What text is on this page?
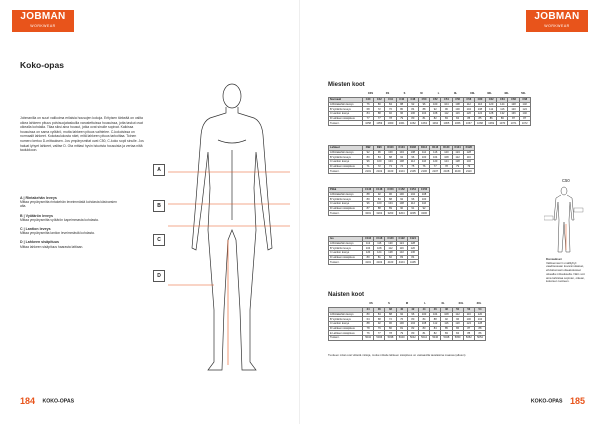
JOBMAN
WORKWEAR
Koko-opas
Jobmanilla on suuri valikoima erilaisia housujen kokoja. Erityisen tärkeää on valita oikea lahkeen pituus polvisuojataskuilla varustettuissa housuissa, jotta taskut ovat oikealla kohdalla. Tilaa siksi aina housut, jotka ovat sinulle sopivat. Kaikissa housuissa on sama vyötärö, mutta lahkeen pituus vaihtelee. C-kokoisissa on normaalit lahkeet. Kokotaulukosta näet, mitä lahkeen pituus tarkoittaa. Toinen numero kertoo D-mittauksen. Jos ympärysmitat ovat C50, C-koko sopii sinulle. Jos haluat lyhyet lahkeet, valitse D. Ota mittasi hyvin istuvista housuista ja vertaa niitä taulukkoon.
A | Rintakehän leveys
Mittaa ympärysmitta rintakehän leveimmästä kohdasta käsivarsien alta.
B | Vyötärön leveys
Mittaa ympärysmitta vyötärön kapeimmasta kohdasta.
C | Lantion leveys
Mittaa ympärysmitta lantion leveimmästä kohdasta.
D | Lahkeen sisäpituus
Mittaa lahkeen sisäpituus haarasta lattiaan.
A
B
C
D
184 KOKO-OPAS
JOBMAN
WORKWEAR
Miesten koot
XXS	XS	S	M	L	XL	XXL	3XL	4XL	5XL
Normaali	C40	C42	C44	C46	C48	C50	C52	C54	C56	C58	C60	C62	C64	C66	C68
A Rintakehän leveys	76	80	84	88	92	96	100	104	108	112	116	120	124	128	132
B Vyötärön leveys	68	72	76	80	84	88	92	96	100	104	108	112	116	120	124
C Lantion leveys	84	88	92	96	100	104	108	112	116	120	124	128	132	136	140
D Lahkeen sisäpituus	77	77	78	79	80	81	82	83	84	85	85	86	86	87	87
Tuotenr.	1058	1059	1060	1061	1062	1063	1064	1065	1066	1067	1068	1069	1070	1071	1072
Lahkeet	D92	D96	D100	D104	D108	D112	D116	D120	D124	D128
A Rintakehän leveys	92	96	100	104	108	112	116	120	124	128
B Vyötärön leveys	80	84	88	92	96	100	104	108	112	116
C Lantion leveys	96	100	104	108	112	116	120	124	128	132
D Lahkeen sisäpituus	71	72	73	74	75	76	77	78	79	79
Tuotenr.	2101	2102	2103	2104	2105	2106	2107	2108	2109	2110
Pitkä	C146	C148	C150	C152	C154	C156
A Rintakehän leveys	88	92	96	100	104	108
B Vyötärön leveys	80	84	88	92	96	100
C Lantion leveys	96	100	104	108	112	116
D Lahkeen sisäpituus	87	88	89	90	91	92
Tuotenr.	3201	3202	3203	3204	3205	3206
Iso	C116	C118	C120	C122	C124
A Rintakehän leveys	112	116	120	124	128
B Vyötärön leveys	104	108	112	116	120
C Lantion leveys	120	124	128	132	136
D Lahkeen sisäpituus	80	81	82	83	84
Tuotenr.	4101	4102	4103	4104	4105
Naisten koot
XS	S	M	L	XL	XXL	3XL
	34	36	38	40	42	44	46	48	50	52	54
A Rintakehän leveys	80	84	88	92	96	100	104	108	112	116	120
B Vyötärön leveys	64	68	72	76	80	84	88	92	96	100	104
C Lantion leveys	88	92	96	100	104	108	112	116	120	124	128
D Lahkeen sisäpituus	78	79	80	81	82	83	84	85	86	87	88
E Lahkeen sisäpituus	76	77	78	79	80	81	82	83	84	85	86
Tuotenr.	5034	5036	5038	5040	5042	5044	5046	5048	5050	5052	5054
Tuotteen mitat ovat viitteitä mittoja, mutta mittaile lahkeen sisäpituus on vastaavilla tavalaisina maassa (alkuun)
C50
Kuvaukset
Valitsemasi C-mallilyhyt: vaaditessaan kuvanmukaiset, ehdottomasti oikeakokoiset oikealla mittauksella. Näin voit aina tarkistaa sopivan, oikean, kokoisen tuotteen.
KOKO-OPAS 185
